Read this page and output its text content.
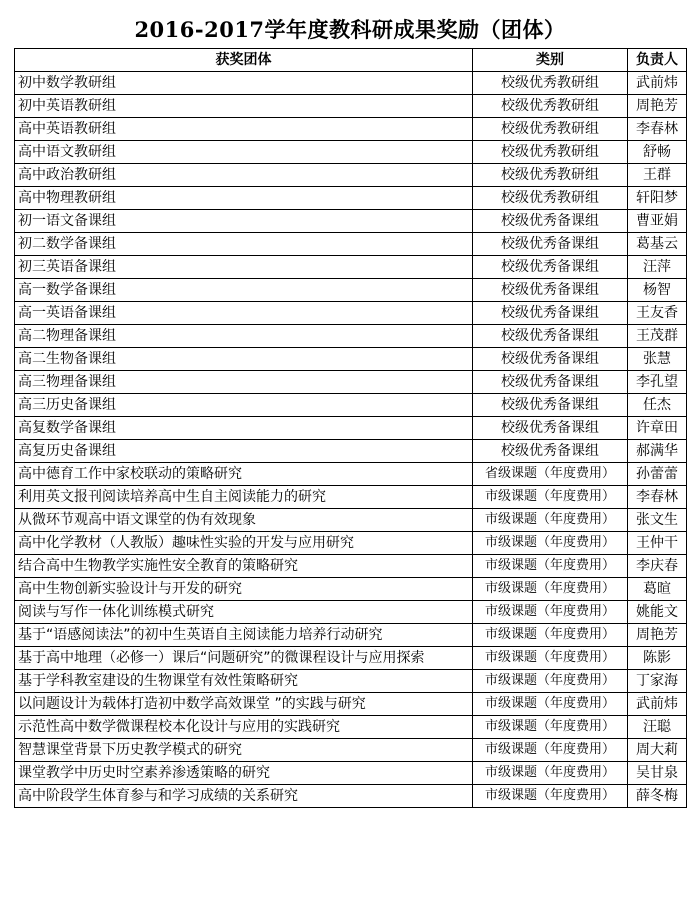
2016-2017学年度教科研成果奖励（团体）
获奖团体	类别	负责人
初中数学教研组	校级优秀教研组	武前炜
初中英语教研组	校级优秀教研组	周艳芳
高中英语教研组	校级优秀教研组	李春林
高中语文教研组	校级优秀教研组	舒畅
高中政治教研组	校级优秀教研组	王群
高中物理教研组	校级优秀教研组	轩阳梦
初一语文备课组	校级优秀备课组	曹亚娟
初二数学备课组	校级优秀备课组	葛基云
初三英语备课组	校级优秀备课组	汪萍
高一数学备课组	校级优秀备课组	杨智
高一英语备课组	校级优秀备课组	王友香
高二物理备课组	校级优秀备课组	王茂群
高二生物备课组	校级优秀备课组	张慧
高三物理备课组	校级优秀备课组	李孔望
高三历史备课组	校级优秀备课组	任杰
高复数学备课组	校级优秀备课组	许章田
高复历史备课组	校级优秀备课组	郝满华
高中德育工作中家校联动的策略研究	省级课题（年度费用）	孙蕾蕾
利用英文报刊阅读培养高中生自主阅读能力的研究	市级课题（年度费用）	李春林
从微环节观高中语文课堂的伪有效现象	市级课题（年度费用）	张文生
高中化学教材（人教版）趣味性实验的开发与应用研究	市级课题（年度费用）	王仲干
结合高中生物教学实施性安全教育的策略研究	市级课题（年度费用）	李庆春
高中生物创新实验设计与开发的研究	市级课题（年度费用）	葛暄
阅读与写作一体化训练模式研究	市级课题（年度费用）	姚能文
基于“语感阅读法”的初中生英语自主阅读能力培养行动研究	市级课题（年度费用）	周艳芳
基于高中地理（必修一）课后“问题研究”的微课程设计与应用探索	市级课题（年度费用）	陈影
基于学科教室建设的生物课堂有效性策略研究	市级课题（年度费用）	丁家海
以问题设计为载体打造初中数学高效课堂 ”的实践与研究	市级课题（年度费用）	武前炜
示范性高中数学微课程校本化设计与应用的实践研究	市级课题（年度费用）	汪聪
智慧课堂背景下历史教学模式的研究	市级课题（年度费用）	周大莉
课堂教学中历史时空素养渗透策略的研究	市级课题（年度费用）	吴甘泉
高中阶段学生体育参与和学习成绩的关系研究	市级课题（年度费用）	薛冬梅
